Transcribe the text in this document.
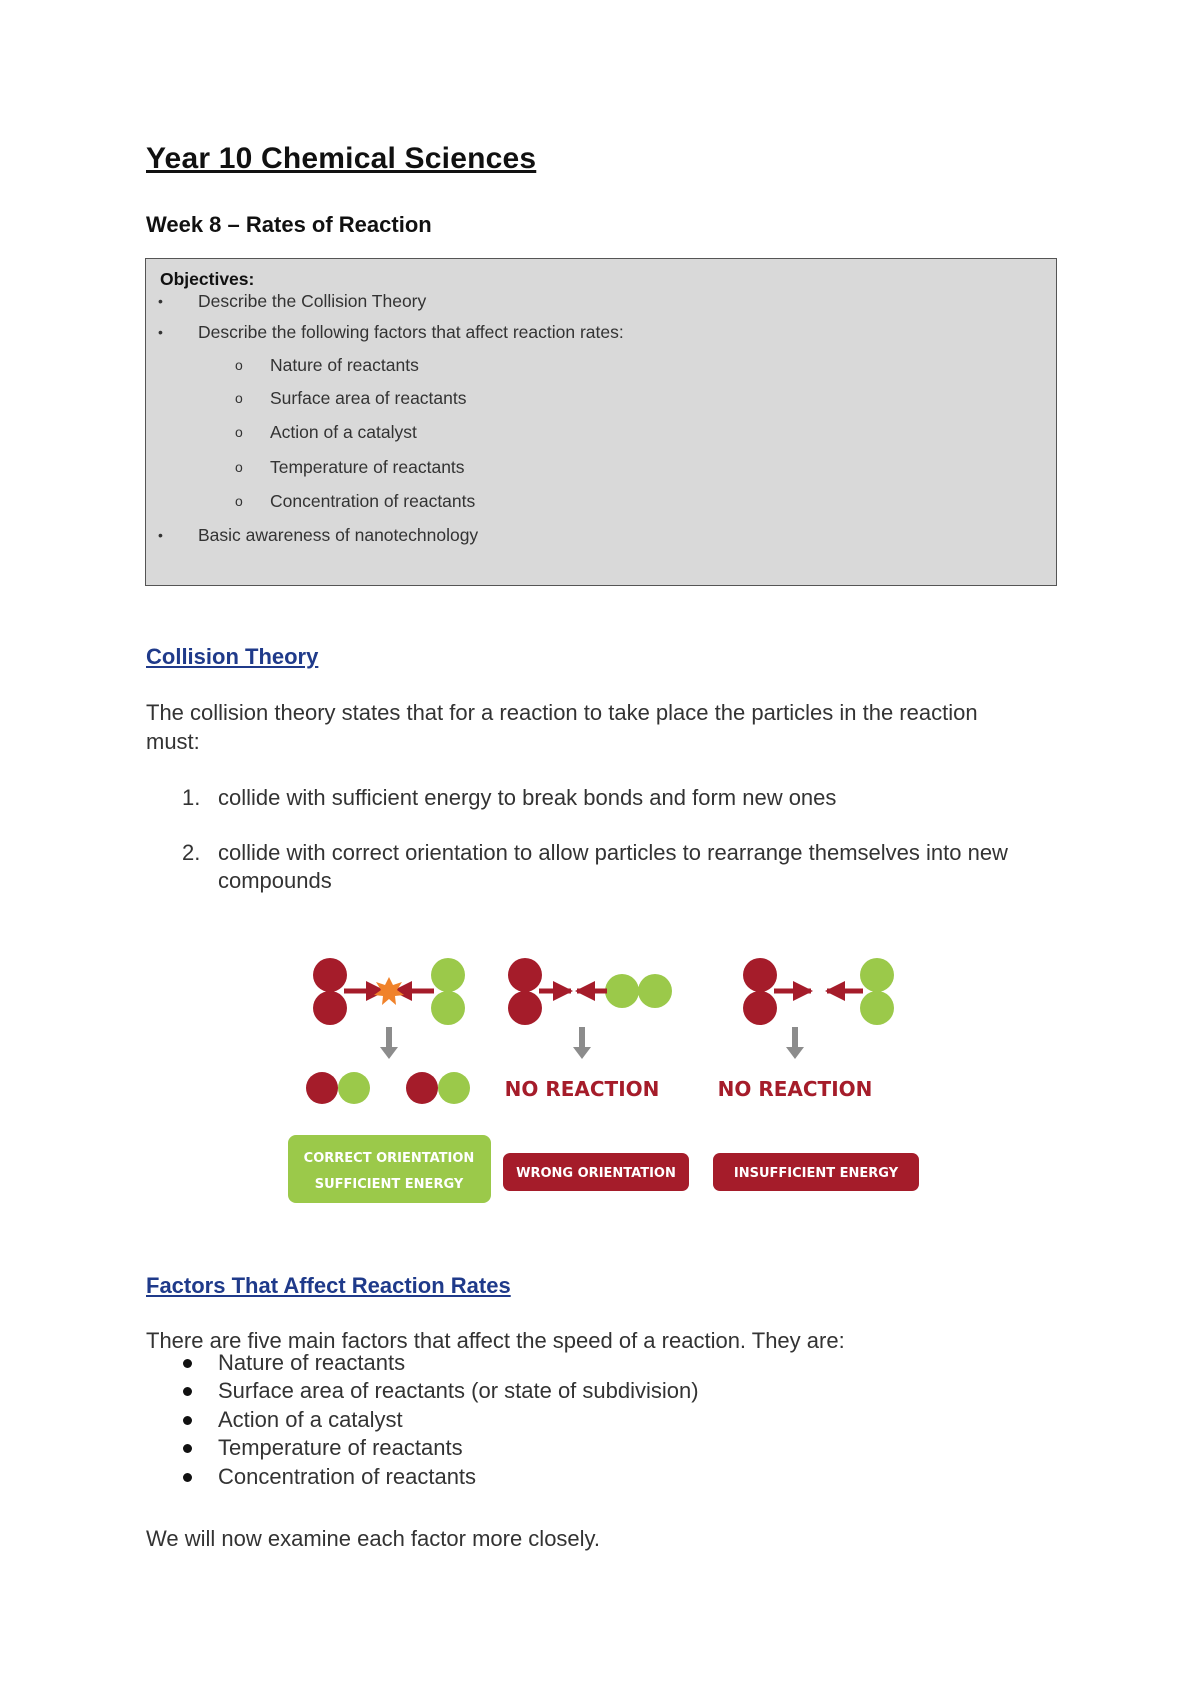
Year 10 Chemical Sciences
Week 8 – Rates of Reaction
Objectives:
• Describe the Collision Theory
• Describe the following factors that affect reaction rates:
o Nature of reactants
o Surface area of reactants
o Action of a catalyst
o Temperature of reactants
o Concentration of reactants
• Basic awareness of nanotechnology
Collision Theory
The collision theory states that for a reaction to take place the particles in the reaction must:
1. collide with sufficient energy to break bonds and form new ones
2. collide with correct orientation to allow particles to rearrange themselves into new compounds
CORRECT ORIENTATION
SUFFICIENT ENERGY
NO REACTION
WRONG ORIENTATION
NO REACTION
INSUFFICIENT ENERGY
Factors That Affect Reaction Rates
There are five main factors that affect the speed of a reaction. They are:
Nature of reactants
Surface area of reactants (or state of subdivision)
Action of a catalyst
Temperature of reactants
Concentration of reactants
We will now examine each factor more closely.
